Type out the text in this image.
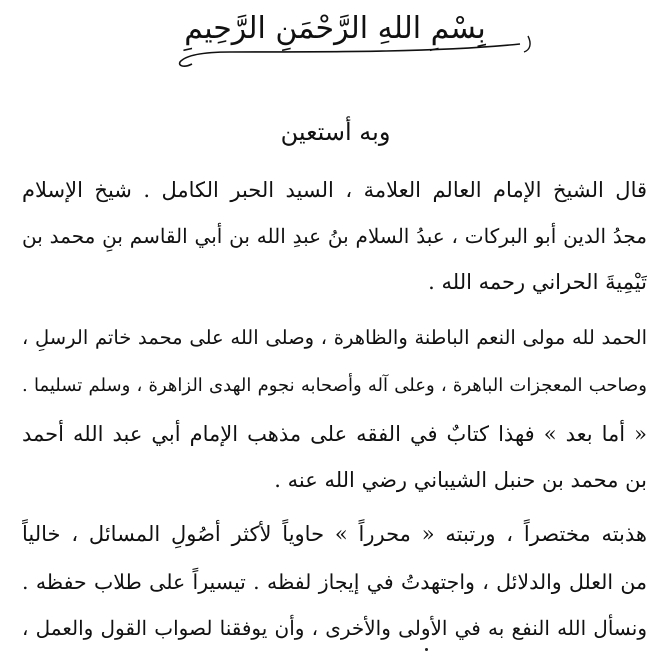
بِسْمِ اللهِ الرَّحْمَنِ الرَّحِيمِ
وبه أستعين
قال الشيخ الإمام العالم العلامة ، السيد الحبر الكامل . شيخ الإسلام
مجدُ الدين أبو البركات ، عبدُ السلام بنُ عبدِ الله بن أبي القاسم بنِ محمد بن
تَيْمِيةَ الحراني رحمه الله .
الحمد لله مولى النعم الباطنة والظاهرة ، وصلى الله على محمد خاتم الرسلِ ،
وصاحب المعجزات الباهرة ، وعلى آله وأصحابه نجوم الهدى الزاهرة ، وسلم تسليما .
« أما بعد » فهذا كتابٌ في الفقه على مذهب الإمام أبي عبد الله أحمد
بن محمد بن حنبل الشيباني رضي الله عنه .
هذبته مختصراً ، ورتبته « محرراً » حاوياً لأكثر أصُولِ المسائل ، خالياً
من العلل والدلائل ، واجتهدتُ في إيجاز لفظه . تيسيراً على طلاب حفظه .
ونسأل الله النفع به في الأولى والأخرى ، وأن يوفقنا لصواب القول والعمل ،
